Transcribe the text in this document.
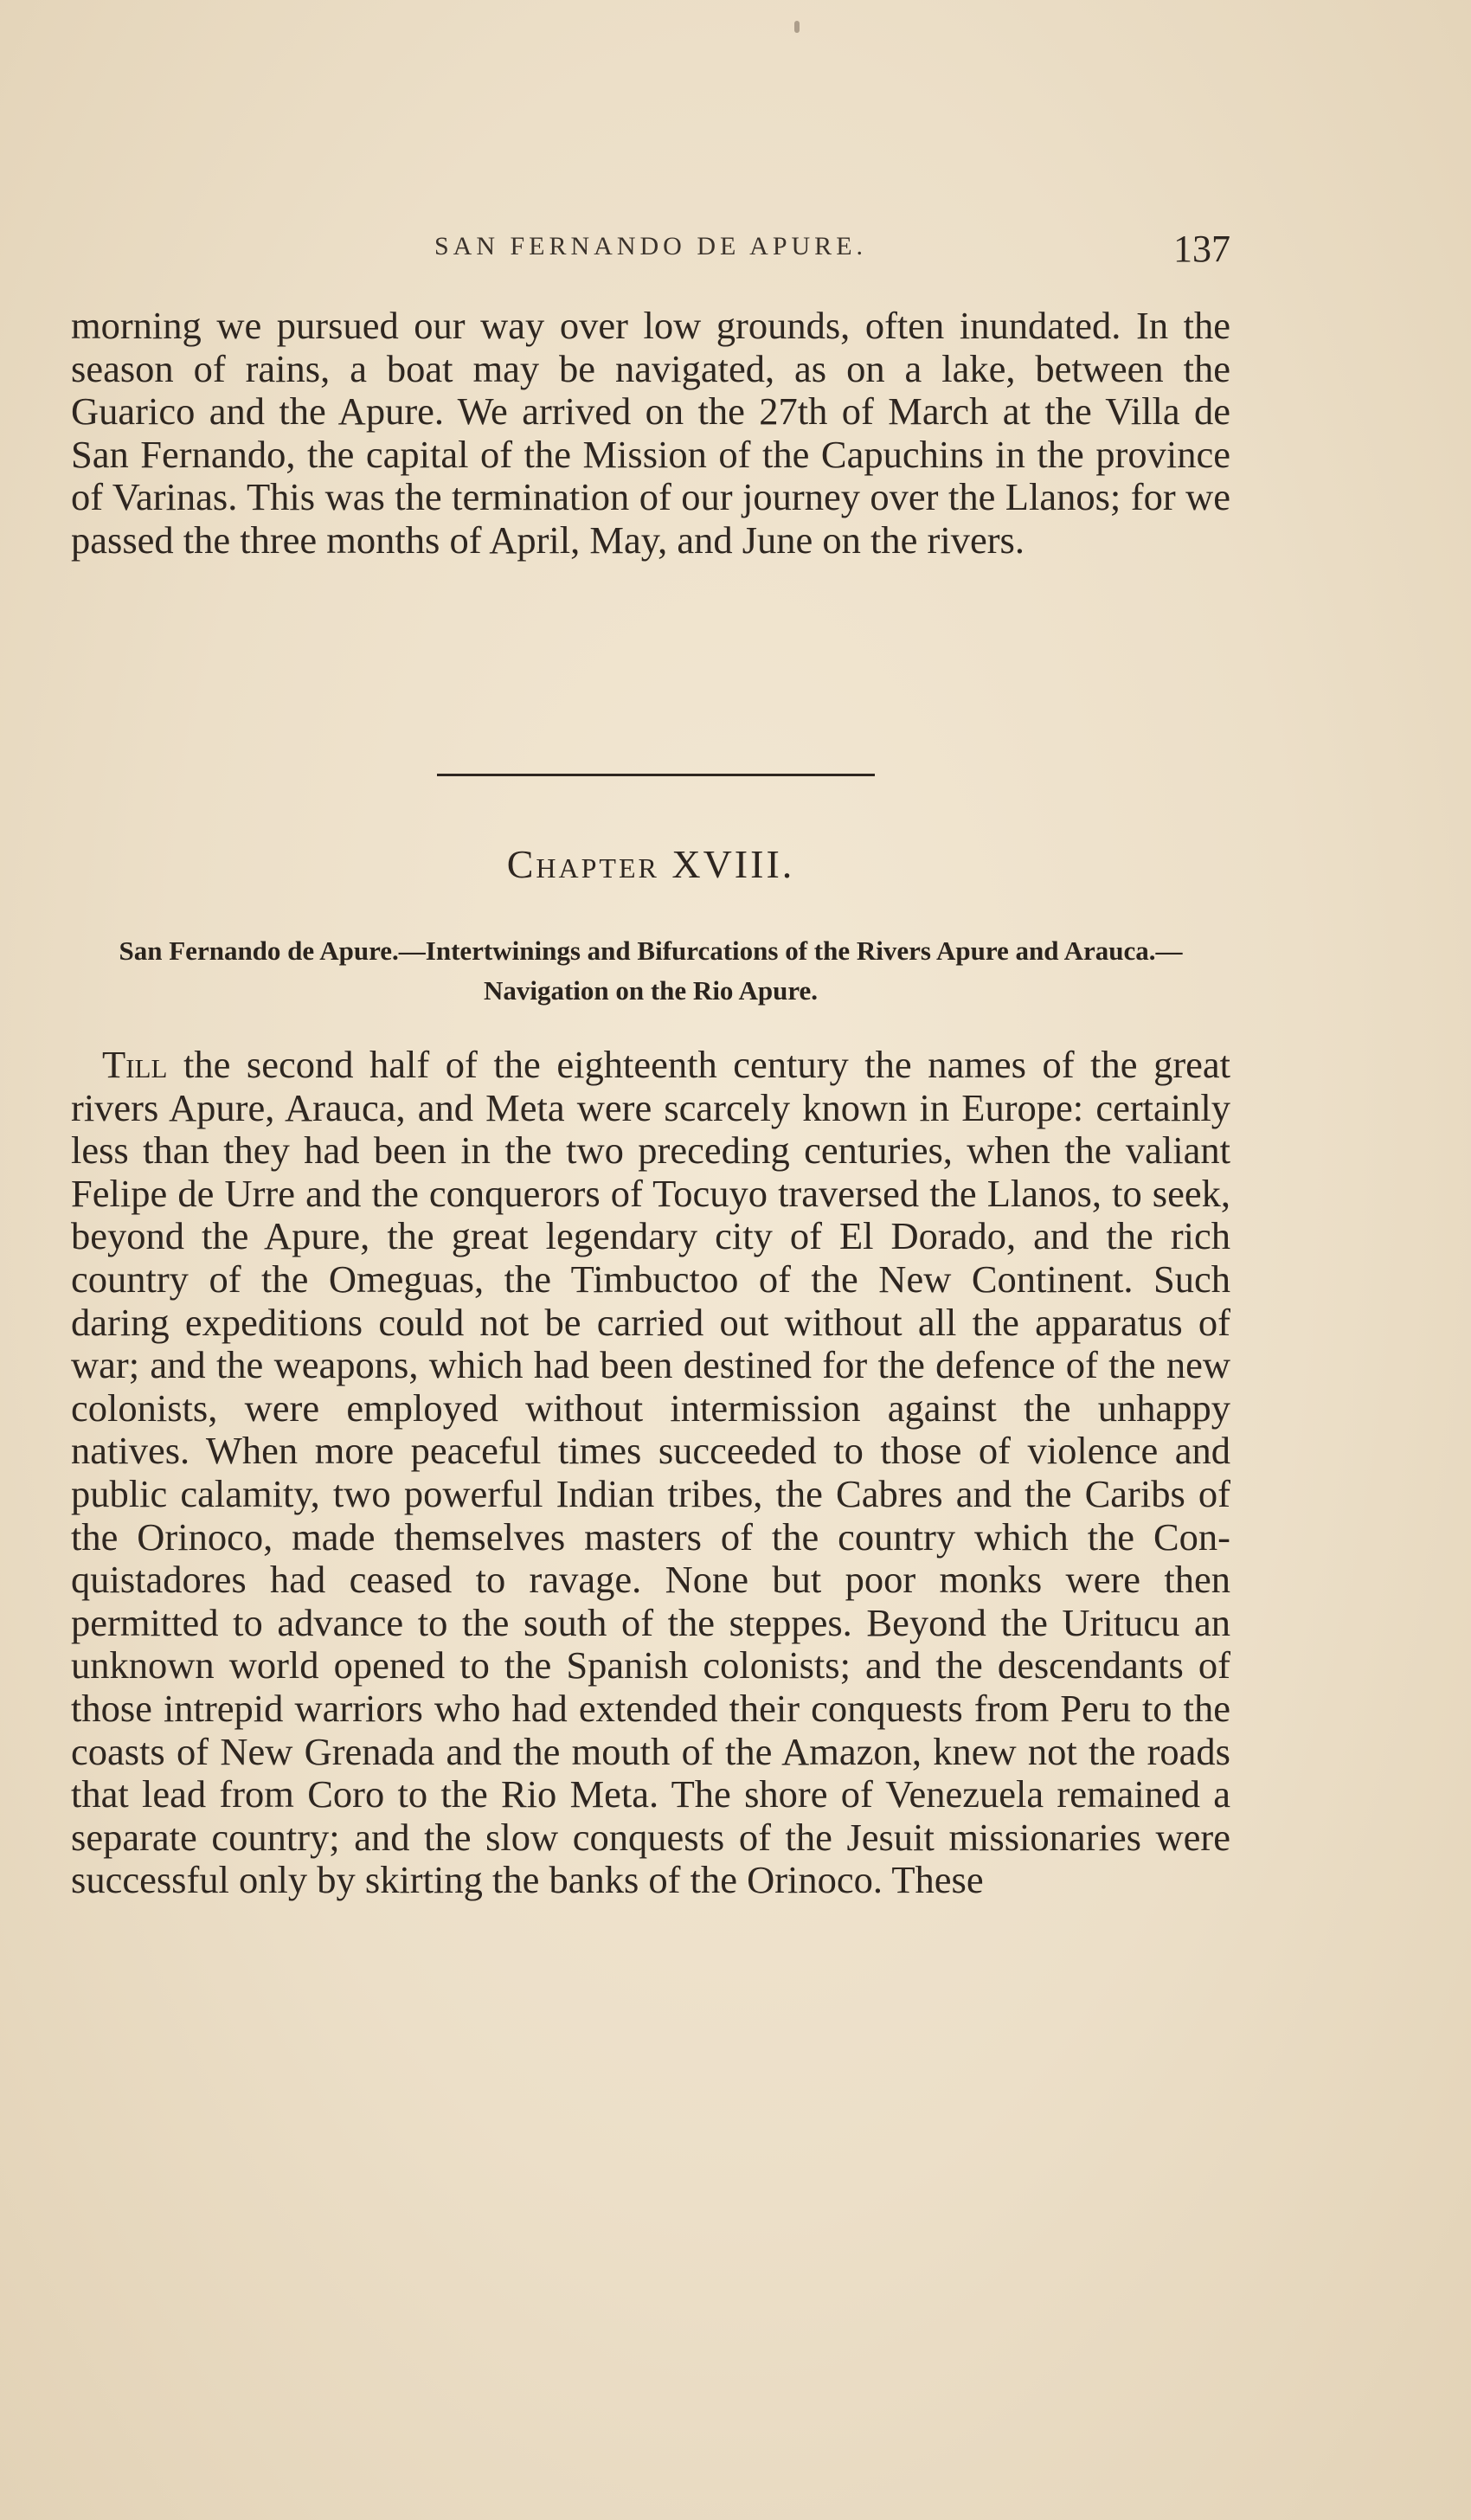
SAN FERNANDO DE APURE.	137

morning we pursued our way over low grounds, often inundated. In the season of rains, a boat may be navigated, as on a lake, between the Guarico and the Apure. We arrived on the 27th of March at the Villa de San Fernando, the capital of the Mission of the Capuchins in the province of Varinas. This was the termination of our journey over the Llanos; for we passed the three months of April, May, and June on the rivers.

Chapter XVIII.

San Fernando de Apure.—Intertwinings and Bifurcations of the Rivers Apure and Arauca.—Navigation on the Rio Apure.

Till the second half of the eighteenth century the names of the great rivers Apure, Arauca, and Meta were scarcely known in Europe: certainly less than they had been in the two preceding centuries, when the valiant Felipe de Urre and the conquerors of Tocuyo traversed the Llanos, to seek, beyond the Apure, the great legendary city of El Dorado, and the rich country of the Omeguas, the Timbuctoo of the New Continent. Such daring expeditions could not be carried out without all the apparatus of war; and the weapons, which had been destined for the defence of the new colonists, were employed without intermission against the unhappy natives. When more peaceful times succeeded to those of violence and public calamity, two powerful Indian tribes, the Cabres and the Caribs of the Orinoco, made themselves masters of the country which the Conquistadores had ceased to ravage. None but poor monks were then permitted to advance to the south of the steppes. Beyond the Uritucu an unknown world opened to the Spanish colonists; and the descendants of those intrepid warriors who had extended their conquests from Peru to the coasts of New Grenada and the mouth of the Amazon, knew not the roads that lead from Coro to the Rio Meta. The shore of Venezuela remained a separate country; and the slow conquests of the Jesuit missionaries were successful only by skirting the banks of the Orinoco. These
